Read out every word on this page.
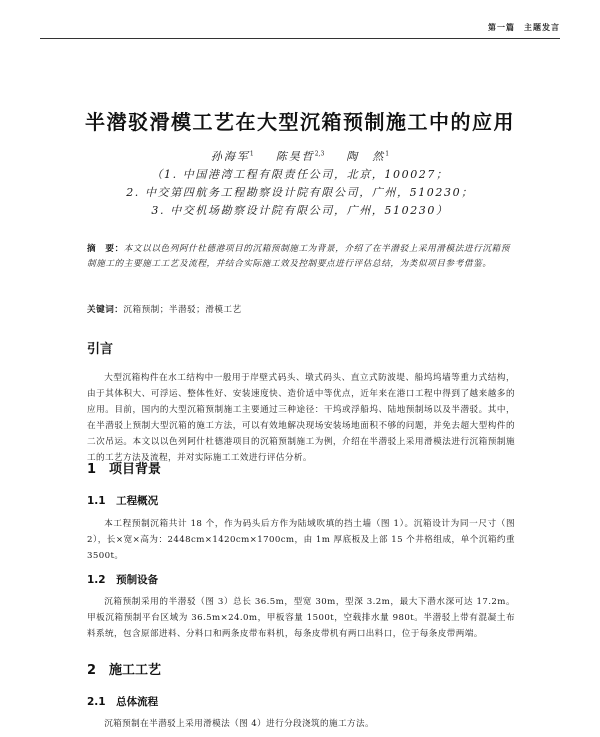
第一篇　主题发言
半潜驳滑模工艺在大型沉箱预制施工中的应用
孙海军$^1$ 陈昊哲$^{2,3}$ 陶　然$^1$
（1. 中国港湾工程有限责任公司，北京，100027；
2. 中交第四航务工程勘察设计院有限公司，广州，510230；
3. 中交机场勘察设计院有限公司，广州，510230）
摘　要：本文以以色列阿什杜德港项目的沉箱预制施工为背景，介绍了在半潜驳上采用滑模法进行沉箱预制施工的主要施工工艺及流程，并结合实际施工效及控制要点进行评估总结，为类似项目参考借鉴。
关键词：沉箱预制；半潜驳；滑模工艺
引言
大型沉箱构件在水工结构中一般用于岸壁式码头、墩式码头、直立式防波堤、船坞坞墙等重力式结构，由于其体积大、可浮运、整体性好、安装速度快、造价适中等优点，近年来在港口工程中得到了越来越多的应用。目前，国内的大型沉箱预制施工主要通过三种途径：干坞或浮船坞、陆地预制场以及半潜驳。其中，在半潜驳上预制大型沉箱的施工方法，可以有效地解决现场安装场地面积不够的问题，并免去超大型构件的二次吊运。本文以以色列阿什杜德港项目的沉箱预制施工为例，介绍在半潜驳上采用滑模法进行沉箱预制施工的工艺方法及流程，并对实际施工工效进行评估分析。
1　项目背景
1.1　工程概况
本工程预制沉箱共计 18 个，作为码头后方作为陆域吹填的挡土墙（图 1）。沉箱设计为同一尺寸（图 2），长×宽×高为：2448cm×1420cm×1700cm，由 1m 厚底板及上部 15 个井格组成，单个沉箱约重 3500t。
1.2　预制设备
沉箱预制采用的半潜驳（图 3）总长 36.5m，型宽 30m，型深 3.2m，最大下潜水深可达 17.2m。甲板沉箱预制平台区域为 36.5m×24.0m，甲板容量 1500t，空载排水量 980t。半潜驳上带有混凝土布料系统，包含原部进料、分料口和两条皮带布料机，每条皮带机有两口出料口，位于每条皮带两端。
2　施工工艺
2.1　总体流程
沉箱预制在半潜驳上采用滑模法（图 4）进行分段浇筑的施工方法。
